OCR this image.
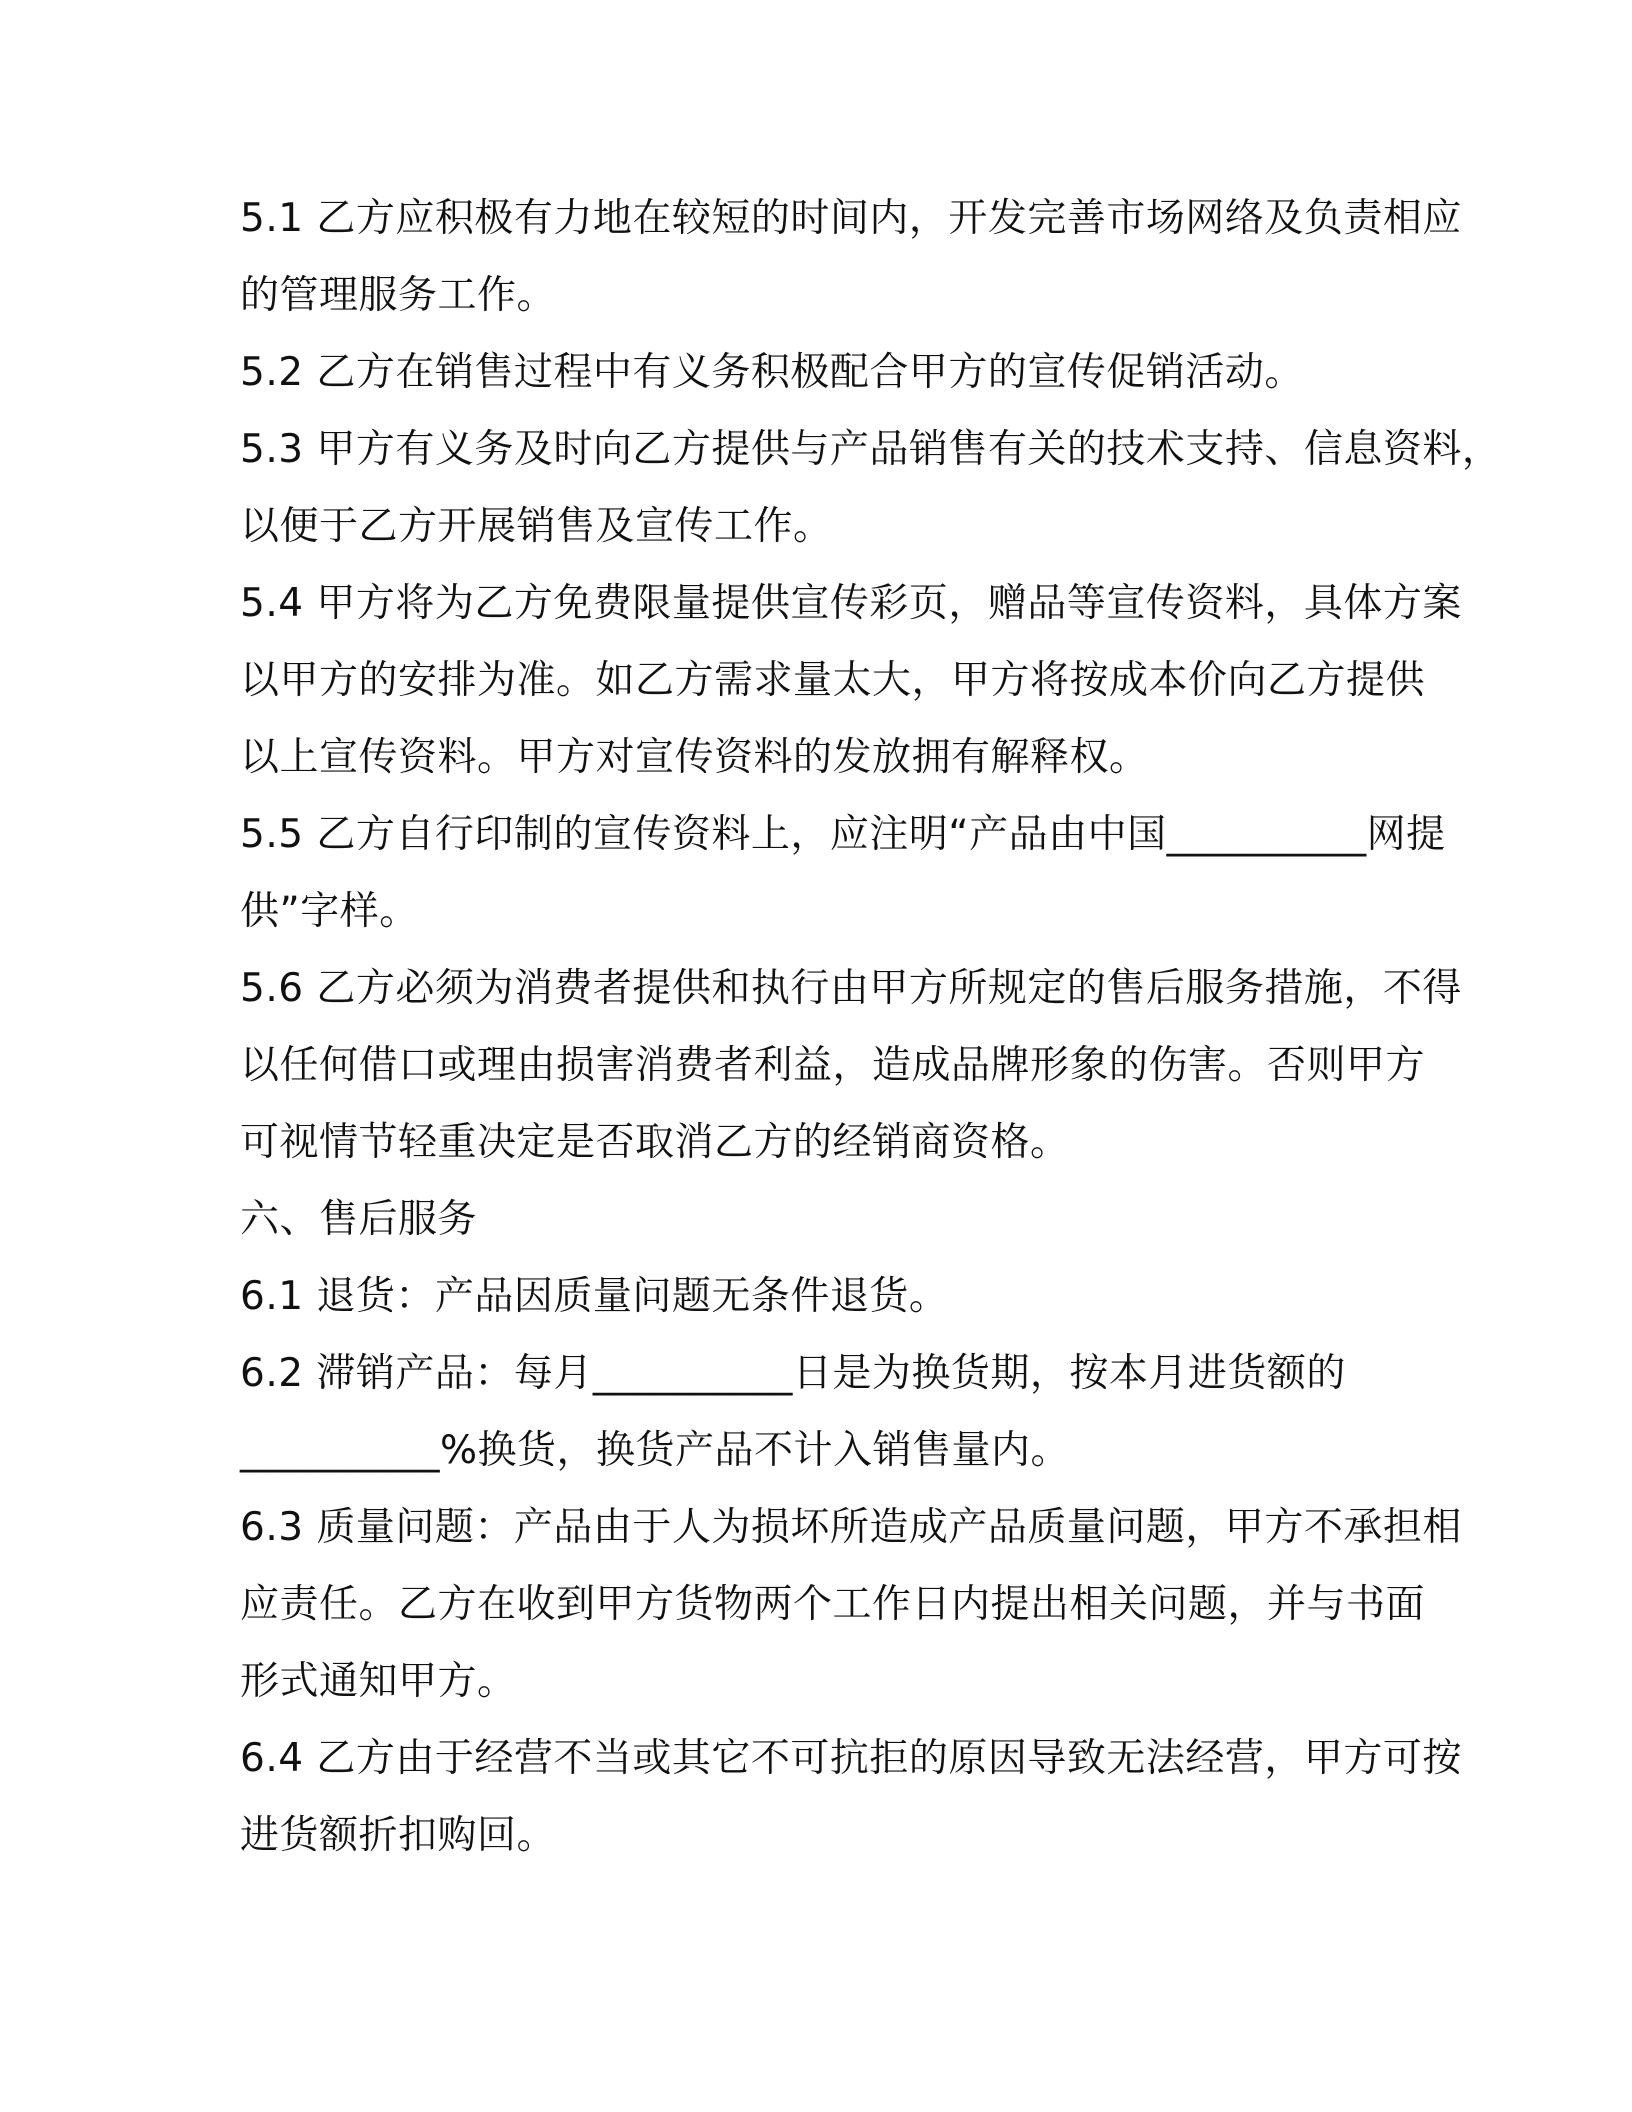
5.1 乙方应积极有力地在较短的时间内，开发完善市场网络及负责相应

的管理服务工作。

5.2 乙方在销售过程中有义务积极配合甲方的宣传促销活动。

5.3 甲方有义务及时向乙方提供与产品销售有关的技术支持、信息资料，

以便于乙方开展销售及宣传工作。

5.4 甲方将为乙方免费限量提供宣传彩页，赠品等宣传资料，具体方案

以甲方的安排为准。如乙方需求量太大，甲方将按成本价向乙方提供

以上宣传资料。甲方对宣传资料的发放拥有解释权。

5.5 乙方自行印制的宣传资料上，应注明“产品由中国__________网提

供”字样。

5.6 乙方必须为消费者提供和执行由甲方所规定的售后服务措施，不得

以任何借口或理由损害消费者利益，造成品牌形象的伤害。否则甲方

可视情节轻重决定是否取消乙方的经销商资格。

六、售后服务

6.1 退货：产品因质量问题无条件退货。

6.2 滞销产品：每月__________日是为换货期，按本月进货额的

__________%换货，换货产品不计入销售量内。

6.3 质量问题：产品由于人为损坏所造成产品质量问题，甲方不承担相

应责任。乙方在收到甲方货物两个工作日内提出相关问题，并与书面

形式通知甲方。

6.4 乙方由于经营不当或其它不可抗拒的原因导致无法经营，甲方可按

进货额折扣购回。
